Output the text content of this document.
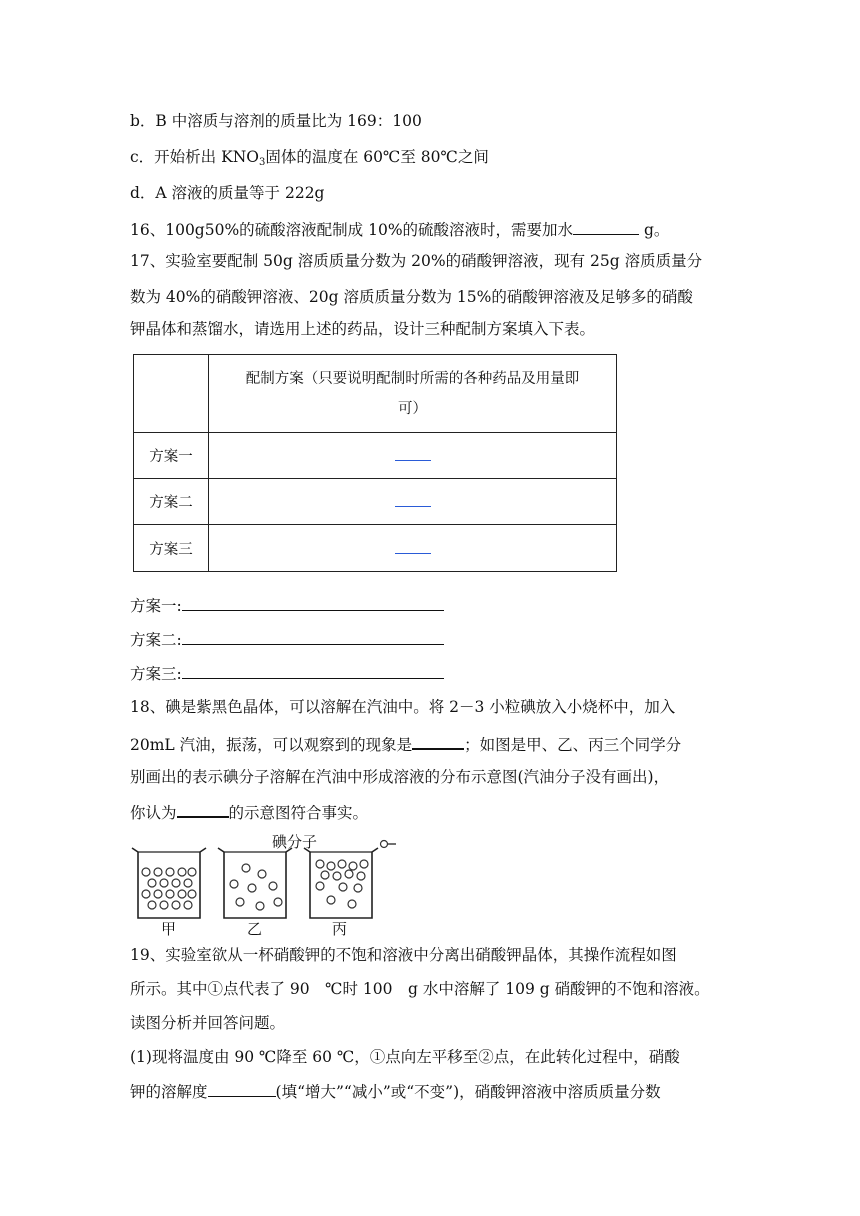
b．B 中溶质与溶剂的质量比为 169：100
c．开始析出 $KNO_3$固体的温度在 60℃至 80℃之间
d．A 溶液的质量等于 222g
16、100g50%的硫酸溶液配制成 10%的硫酸溶液时，需要加水	g。
17、实验室要配制 50g 溶质质量分数为 20%的硝酸钾溶液，现有 25g 溶质质量分
数为 40%的硝酸钾溶液、20g 溶质质量分数为 15%的硝酸钾溶液及足够多的硝酸
钾晶体和蒸馏水，请选用上述的药品，设计三种配制方案填入下表。

	配制方案（只要说明配制时所需的各种药品及用量即
可）

方案一	
方案二	
方案三	
方案一:
方案二:
方案三:
18、碘是紫黑色晶体，可以溶解在汽油中。将 2－3 小粒碘放入小烧杯中，加入
20mL 汽油，振荡，可以观察到的现象是	；如图是甲、乙、丙三个同学分
别画出的表示碘分子溶解在汽油中形成溶液的分布示意图(汽油分子没有画出)，
你认为	的示意图符合事实。
碘分子
甲	乙	丙
19、实验室欲从一杯硝酸钾的不饱和溶液中分离出硝酸钾晶体，其操作流程如图
所示。其中①点代表了 90　℃时 100　g 水中溶解了 109 g 硝酸钾的不饱和溶液。
读图分析并回答问题。
(1)现将温度由 90 ℃降至 60 ℃，①点向左平移至②点，在此转化过程中，硝酸
钾的溶解度	(填“增大”“减小”或“不变”)，硝酸钾溶液中溶质质量分数
